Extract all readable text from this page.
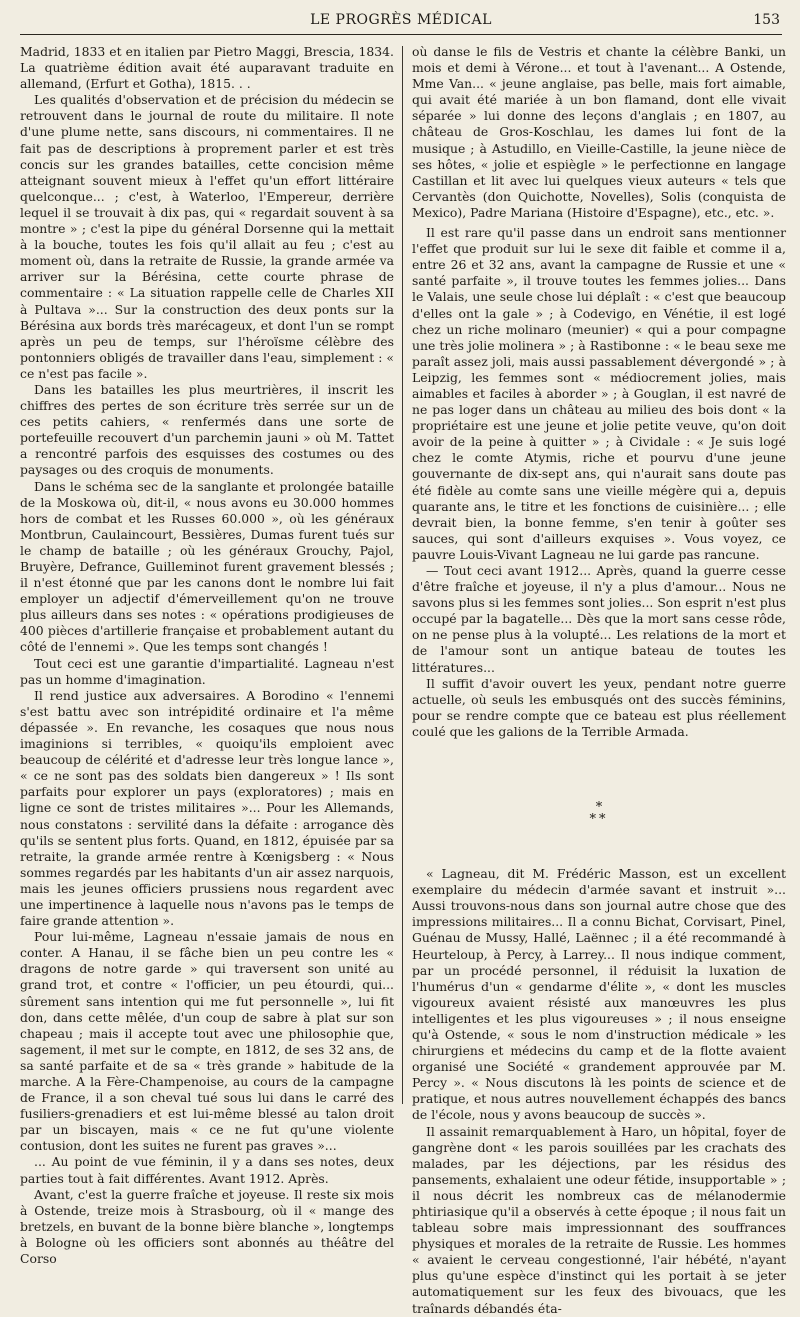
LE PROGRÈS MÉDICAL	153

Madrid, 1833 et en italien par Pietro Maggi, Brescia, 1834. La quatrième édition avait été auparavant traduite en allemand, (Erfurt et Gotha), 1815. . .

Les qualités d'observation et de précision du médecin se retrouvent dans le journal de route du militaire. Il note d'une plume nette, sans discours, ni commentaires. Il ne fait pas de descriptions à proprement parler et est très concis sur les grandes batailles, cette concision même atteignant souvent mieux à l'effet qu'un effort littéraire quelconque... ; c'est, à Waterloo, l'Empereur, derrière lequel il se trouvait à dix pas, qui « regardait souvent à sa montre » ; c'est la pipe du général Dorsenne qui la mettait à la bouche, toutes les fois qu'il allait au feu ; c'est au moment où, dans la retraite de Russie, la grande armée va arriver sur la Bérésina, cette courte phrase de commentaire : « La situation rappelle celle de Charles XII à Pultava »... Sur la construction des deux ponts sur la Bérésina aux bords très marécageux, et dont l'un se rompt après un peu de temps, sur l'héroïsme célèbre des pontonniers obligés de travailler dans l'eau, simplement : « ce n'est pas facile ».

Dans les batailles les plus meurtrières, il inscrit les chiffres des pertes de son écriture très serrée sur un de ces petits cahiers, « renfermés dans une sorte de portefeuille recouvert d'un parchemin jauni » où M. Tattet a rencontré parfois des esquisses des costumes ou des paysages ou des croquis de monuments.

Dans le schéma sec de la sanglante et prolongée bataille de la Moskowa où, dit-il, « nous avons eu 30.000 hommes hors de combat et les Russes 60.000 », où les généraux Montbrun, Caulaincourt, Bessières, Dumas furent tués sur le champ de bataille ; où les généraux Grouchy, Pajol, Bruyère, Defrance, Guilleminot furent gravement blessés ; il n'est étonné que par les canons dont le nombre lui fait employer un adjectif d'émerveillement qu'on ne trouve plus ailleurs dans ses notes : « opérations prodigieuses de 400 pièces d'artillerie française et probablement autant du côté de l'ennemi ». Que les temps sont changés !

Tout ceci est une garantie d'impartialité. Lagneau n'est pas un homme d'imagination.

Il rend justice aux adversaires. A Borodino « l'ennemi s'est battu avec son intrépidité ordinaire et l'a même dépassée ». En revanche, les cosaques que nous nous imaginions si terribles, « quoiqu'ils emploient avec beaucoup de célérité et d'adresse leur très longue lance », « ce ne sont pas des soldats bien dangereux » ! Ils sont parfaits pour explorer un pays (exploratores) ; mais en ligne ce sont de tristes militaires »... Pour les Allemands, nous constatons : servilité dans la défaite : arrogance dès qu'ils se sentent plus forts. Quand, en 1812, épuisée par sa retraite, la grande armée rentre à Kœnigsberg : « Nous sommes regardés par les habitants d'un air assez narquois, mais les jeunes officiers prussiens nous regardent avec une impertinence à laquelle nous n'avons pas le temps de faire grande attention ».

Pour lui-même, Lagneau n'essaie jamais de nous en conter. A Hanau, il se fâche bien un peu contre les « dragons de notre garde » qui traversent son unité au grand trot, et contre « l'officier, un peu étourdi, qui... sûrement sans intention qui me fut personnelle », lui fit don, dans cette mêlée, d'un coup de sabre à plat sur son chapeau ; mais il accepte tout avec une philosophie que, sagement, il met sur le compte, en 1812, de ses 32 ans, de sa santé parfaite et de sa « très grande » habitude de la marche. A la Fère-Champenoise, au cours de la campagne de France, il a son cheval tué sous lui dans le carré des fusiliers-grenadiers et est lui-même blessé au talon droit par un biscayen, mais « ce ne fut qu'une violente contusion, dont les suites ne furent pas graves »...

... Au point de vue féminin, il y a dans ses notes, deux parties tout à fait différentes. Avant 1912. Après.

Avant, c'est la guerre fraîche et joyeuse. Il reste six mois à Ostende, treize mois à Strasbourg, où il « mange des bretzels, en buvant de la bonne bière blanche », longtemps à Bologne où les officiers sont abonnés au théâtre del Corso

où danse le fils de Vestris et chante la célèbre Banki, un mois et demi à Vérone... et tout à l'avenant... A Ostende, Mme Van... « jeune anglaise, pas belle, mais fort aimable, qui avait été mariée à un bon flamand, dont elle vivait séparée » lui donne des leçons d'anglais ; en 1807, au château de Gros-Koschlau, les dames lui font de la musique ; à Astudillo, en Vieille-Castille, la jeune nièce de ses hôtes, « jolie et espiègle » le perfectionne en langage Castillan et lit avec lui quelques vieux auteurs « tels que Cervantès (don Quichotte, Novelles), Solis (conquista de Mexico), Padre Mariana (Histoire d'Espagne), etc., etc. ».

Il est rare qu'il passe dans un endroit sans mentionner l'effet que produit sur lui le sexe dit faible et comme il a, entre 26 et 32 ans, avant la campagne de Russie et une « santé parfaite », il trouve toutes les femmes jolies... Dans le Valais, une seule chose lui déplaît : « c'est que beaucoup d'elles ont la gale » ; à Codevigo, en Vénétie, il est logé chez un riche molinaro (meunier) « qui a pour compagne une très jolie molinera » ; à Rastibonne : « le beau sexe me paraît assez joli, mais aussi passablement dévergondé » ; à Leipzig, les femmes sont « médiocrement jolies, mais aimables et faciles à aborder » ; à Gouglan, il est navré de ne pas loger dans un château au milieu des bois dont « la propriétaire est une jeune et jolie petite veuve, qu'on doit avoir de la peine à quitter » ; à Cividale : « Je suis logé chez le comte Atymis, riche et pourvu d'une jeune gouvernante de dix-sept ans, qui n'aurait sans doute pas été fidèle au comte sans une vieille mégère qui a, depuis quarante ans, le titre et les fonctions de cuisinière... ; elle devrait bien, la bonne femme, s'en tenir à goûter ses sauces, qui sont d'ailleurs exquises ». Vous voyez, ce pauvre Louis-Vivant Lagneau ne lui garde pas rancune.

— Tout ceci avant 1912... Après, quand la guerre cesse d'être fraîche et joyeuse, il n'y a plus d'amour... Nous ne savons plus si les femmes sont jolies... Son esprit n'est plus occupé par la bagatelle... Dès que la mort sans cesse rôde, on ne pense plus à la volupté... Les relations de la mort et de l'amour sont un antique bateau de toutes les littératures...

Il suffit d'avoir ouvert les yeux, pendant notre guerre actuelle, où seuls les embusqués ont des succès féminins, pour se rendre compte que ce bateau est plus réellement coulé que les galions de la Terrible Armada.

*
**

« Lagneau, dit M. Frédéric Masson, est un excellent exemplaire du médecin d'armée savant et instruit »... Aussi trouvons-nous dans son journal autre chose que des impressions militaires... Il a connu Bichat, Corvisart, Pinel, Guénau de Mussy, Hallé, Laënnec ; il a été recommandé à Heurteloup, à Percy, à Larrey... Il nous indique comment, par un procédé personnel, il réduisit la luxation de l'humérus d'un « gendarme d'élite », « dont les muscles vigoureux avaient résisté aux manœuvres les plus intelligentes et les plus vigoureuses » ; il nous enseigne qu'à Ostende, « sous le nom d'instruction médicale » les chirurgiens et médecins du camp et de la flotte avaient organisé une Société « grandement approuvée par M. Percy ». « Nous discutons là les points de science et de pratique, et nous autres nouvellement échappés des bancs de l'école, nous y avons beaucoup de succès ».

Il assainit remarquablement à Haro, un hôpital, foyer de gangrène dont « les parois souillées par les crachats des malades, par les déjections, par les résidus des pansements, exhalaient une odeur fétide, insupportable » ; il nous décrit les nombreux cas de mélanodermie phtiriasique qu'il a observés à cette époque ; il nous fait un tableau sobre mais impressionnant des souffrances physiques et morales de la retraite de Russie. Les hommes « avaient le cerveau congestionné, l'air hébété, n'ayant plus qu'une espèce d'instinct qui les portait à se jeter automatiquement sur les feux des bivouacs, que les traînards débandés éta-
